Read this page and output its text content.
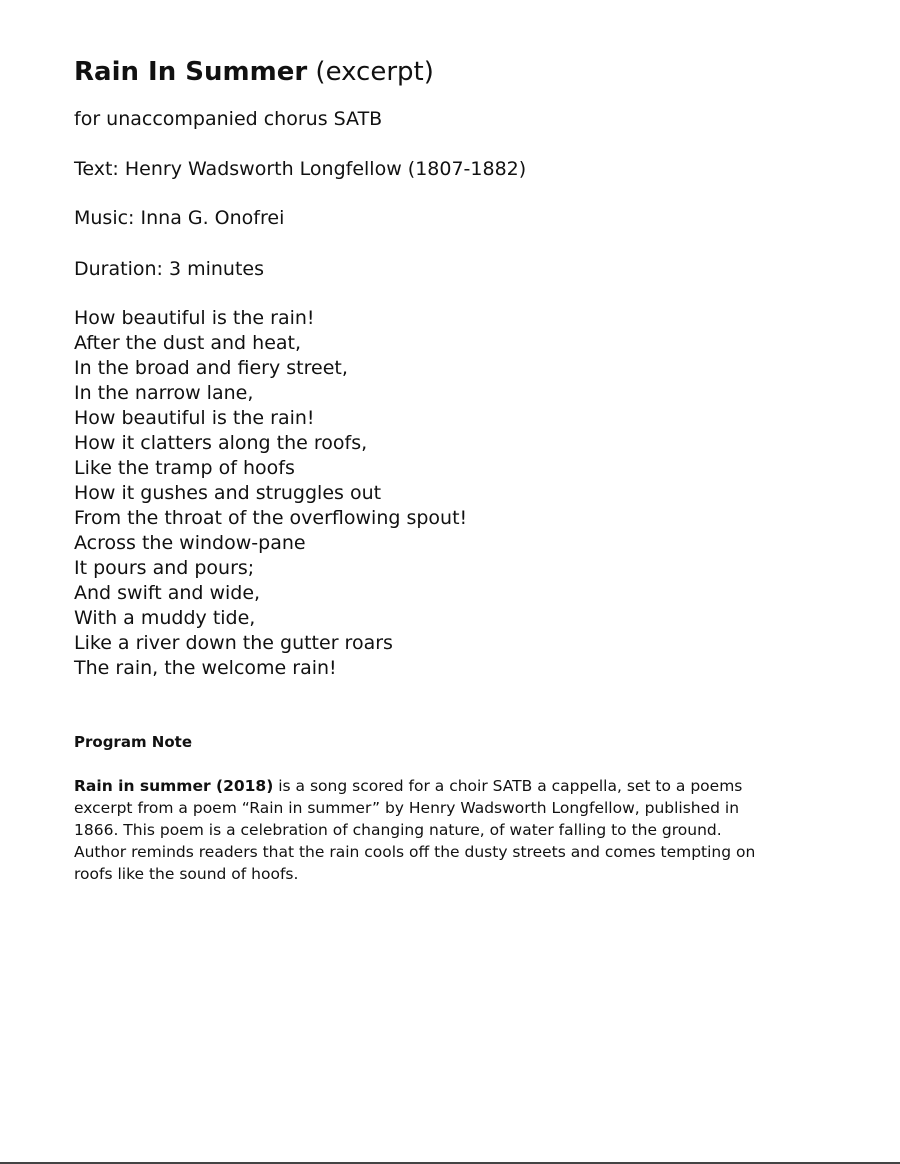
Rain In Summer (excerpt)

for unaccompanied chorus SATB

Text: Henry Wadsworth Longfellow (1807-1882)

Music: Inna G. Onofrei

Duration: 3 minutes

How beautiful is the rain!
After the dust and heat,
In the broad and fiery street,
In the narrow lane,
How beautiful is the rain!
How it clatters along the roofs,
Like the tramp of hoofs
How it gushes and struggles out
From the throat of the overflowing spout!
Across the window-pane
It pours and pours;
And swift and wide,
With a muddy tide,
Like a river down the gutter roars
The rain, the welcome rain!
Program Note

Rain in summer (2018) is a song scored for a choir SATB a cappella, set to a poems
excerpt from a poem “Rain in summer” by Henry Wadsworth Longfellow, published in
1866. This poem is a celebration of changing nature, of water falling to the ground.
Author reminds readers that the rain cools off the dusty streets and comes tempting on
roofs like the sound of hoofs.
